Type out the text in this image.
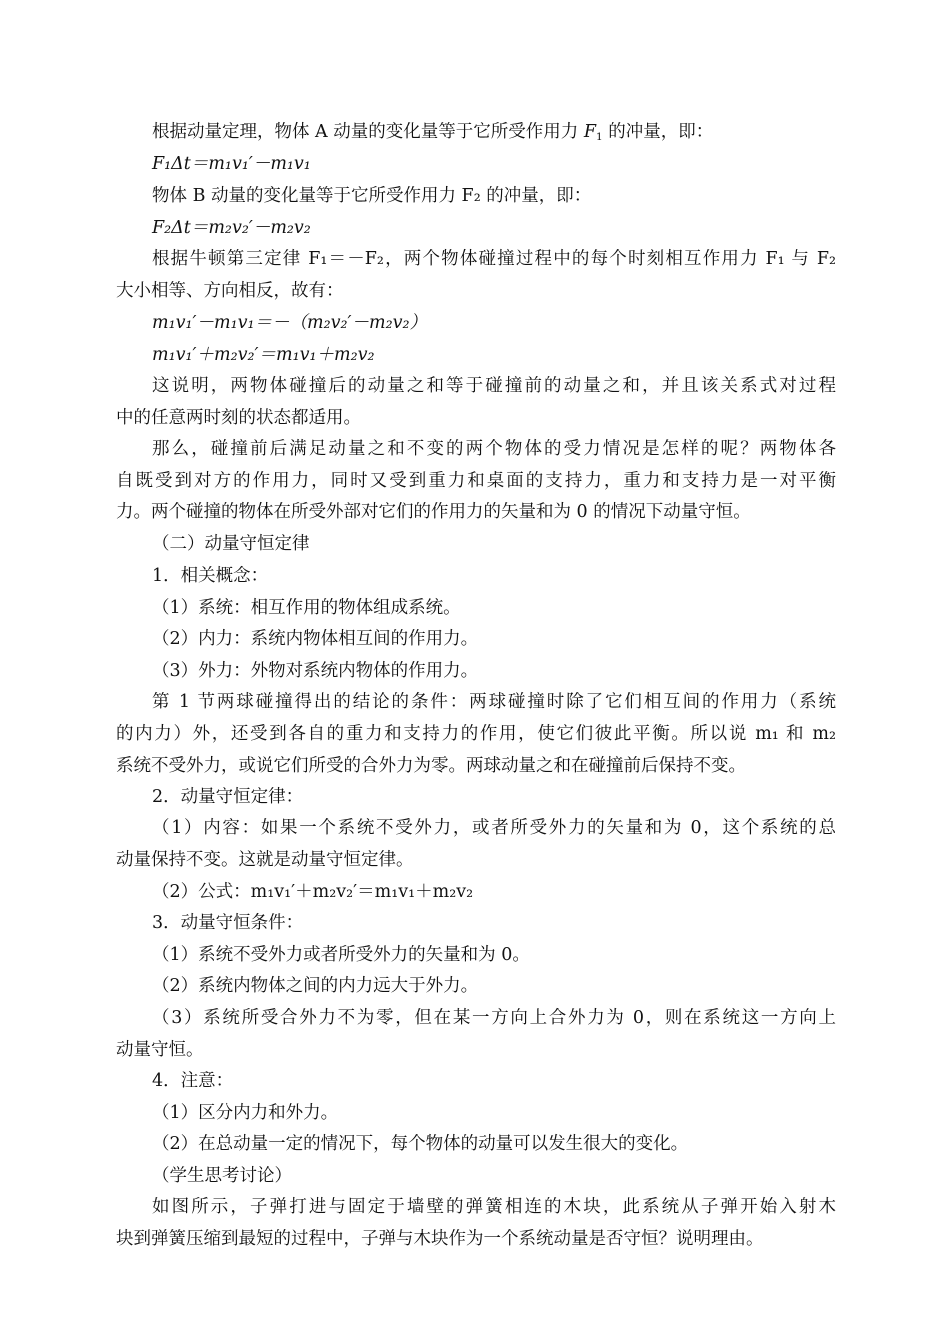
根据动量定理，物体 A 动量的变化量等于它所受作用力 $F_1$ 的冲量，即：
F₁Δt＝m₁v₁′－m₁v₁
物体 B 动量的变化量等于它所受作用力 F₂ 的冲量，即：
F₂Δt＝m₂v₂′－m₂v₂
根据牛顿第三定律 F₁＝－F₂，两个物体碰撞过程中的每个时刻相互作用力 F₁ 与 F₂
大小相等、方向相反，故有：
m₁v₁′－m₁v₁＝－（m₂v₂′－m₂v₂）
m₁v₁′＋m₂v₂′＝m₁v₁＋m₂v₂
这说明，两物体碰撞后的动量之和等于碰撞前的动量之和，并且该关系式对过程
中的任意两时刻的状态都适用。
那么，碰撞前后满足动量之和不变的两个物体的受力情况是怎样的呢？两物体各
自既受到对方的作用力，同时又受到重力和桌面的支持力，重力和支持力是一对平衡
力。两个碰撞的物体在所受外部对它们的作用力的矢量和为 0 的情况下动量守恒。
（二）动量守恒定律
1．相关概念：
（1）系统：相互作用的物体组成系统。
（2）内力：系统内物体相互间的作用力。
（3）外力：外物对系统内物体的作用力。
第 1 节两球碰撞得出的结论的条件：两球碰撞时除了它们相互间的作用力（系统
的内力）外，还受到各自的重力和支持力的作用，使它们彼此平衡。所以说 m₁ 和 m₂
系统不受外力，或说它们所受的合外力为零。两球动量之和在碰撞前后保持不变。
2．动量守恒定律：
（1）内容：如果一个系统不受外力，或者所受外力的矢量和为 0，这个系统的总
动量保持不变。这就是动量守恒定律。
（2）公式：m₁v₁′＋m₂v₂′＝m₁v₁＋m₂v₂
3．动量守恒条件：
（1）系统不受外力或者所受外力的矢量和为 0。
（2）系统内物体之间的内力远大于外力。
（3）系统所受合外力不为零，但在某一方向上合外力为 0，则在系统这一方向上
动量守恒。
4．注意：
（1）区分内力和外力。
（2）在总动量一定的情况下，每个物体的动量可以发生很大的变化。
（学生思考讨论）
如图所示，子弹打进与固定于墙壁的弹簧相连的木块，此系统从子弹开始入射木
块到弹簧压缩到最短的过程中，子弹与木块作为一个系统动量是否守恒？说明理由。
